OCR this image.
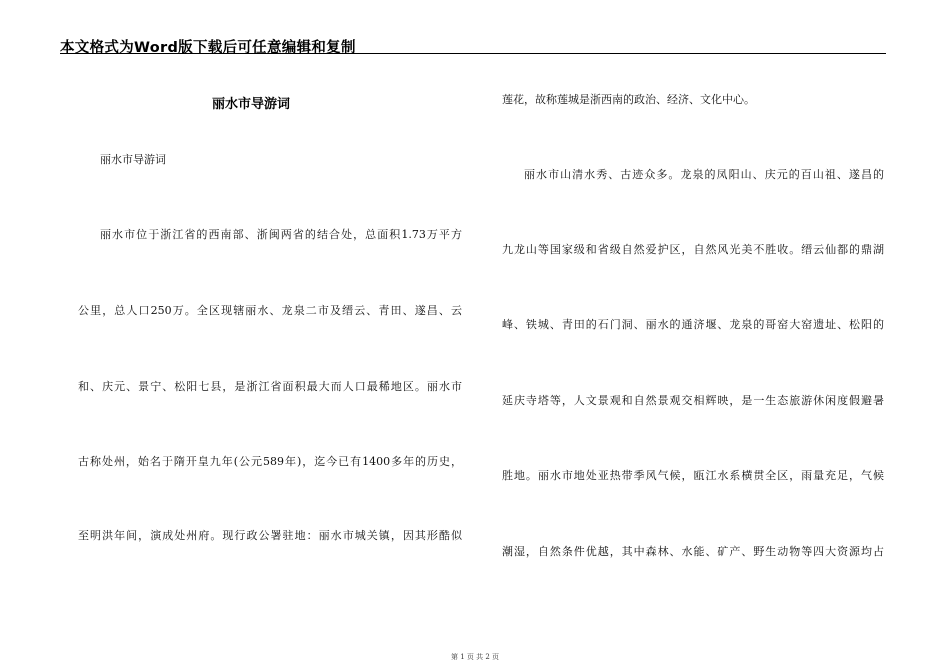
本文格式为Word版下载后可任意编辑和复制
丽水市导游词
丽水市导游词
丽水市位于浙江省的西南部、浙闽两省的结合处，总面积1.73万平方
公里，总人口250万。全区现辖丽水、龙泉二市及缙云、青田、遂昌、云
和、庆元、景宁、松阳七县，是浙江省面积最大而人口最稀地区。丽水市
古称处州，始名于隋开皇九年(公元589年)，迄今已有1400多年的历史，
至明洪年间，演成处州府。现行政公署驻地：丽水市城关镇，因其形酷似
莲花，故称莲城是浙西南的政治、经济、文化中心。
丽水市山清水秀、古迹众多。龙泉的凤阳山、庆元的百山祖、遂昌的
九龙山等国家级和省级自然爱护区，自然风光美不胜收。缙云仙都的鼎湖
峰、铁城、青田的石门洞、丽水的通济堰、龙泉的哥窑大窑遗址、松阳的
延庆寺塔等，人文景观和自然景观交相辉映，是一生态旅游休闲度假避暑
胜地。丽水市地处亚热带季风气候，瓯江水系横贯全区，雨量充足，气候
潮湿，自然条件优越，其中森林、水能、矿产、野生动物等四大资源均占
第 1 页 共 2 页
